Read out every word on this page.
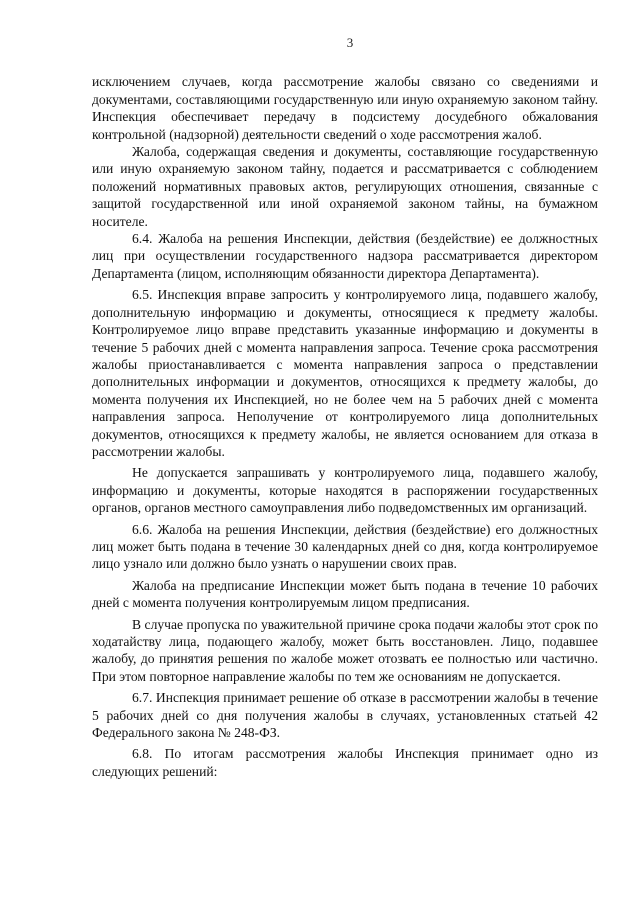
3

исключением случаев, когда рассмотрение жалобы связано со сведениями и документами, составляющими государственную или иную охраняемую законом тайну. Инспекция обеспечивает передачу в подсистему досудебного обжалования контрольной (надзорной) деятельности сведений о ходе рассмотрения жалоб.

Жалоба, содержащая сведения и документы, составляющие государственную или иную охраняемую законом тайну, подается и рассматривается с соблюдением положений нормативных правовых актов, регулирующих отношения, связанные с защитой государственной или иной охраняемой законом тайны, на бумажном носителе.

6.4. Жалоба на решения Инспекции, действия (бездействие) ее должностных лиц при осуществлении государственного надзора рассматривается директором Департамента (лицом, исполняющим обязанности директора Департамента).

6.5. Инспекция вправе запросить у контролируемого лица, подавшего жалобу, дополнительную информацию и документы, относящиеся к предмету жалобы. Контролируемое лицо вправе представить указанные информацию и документы в течение 5 рабочих дней с момента направления запроса. Течение срока рассмотрения жалобы приостанавливается с момента направления запроса о представлении дополнительных информации и документов, относящихся к предмету жалобы, до момента получения их Инспекцией, но не более чем на 5 рабочих дней с момента направления запроса. Неполучение от контролируемого лица дополнительных документов, относящихся к предмету жалобы, не является основанием для отказа в рассмотрении жалобы.

Не допускается запрашивать у контролируемого лица, подавшего жалобу, информацию и документы, которые находятся в распоряжении государственных органов, органов местного самоуправления либо подведомственных им организаций.

6.6. Жалоба на решения Инспекции, действия (бездействие) его должностных лиц может быть подана в течение 30 календарных дней со дня, когда контролируемое лицо узнало или должно было узнать о нарушении своих прав.

Жалоба на предписание Инспекции может быть подана в течение 10 рабочих дней с момента получения контролируемым лицом предписания.

В случае пропуска по уважительной причине срока подачи жалобы этот срок по ходатайству лица, подающего жалобу, может быть восстановлен. Лицо, подавшее жалобу, до принятия решения по жалобе может отозвать ее полностью или частично. При этом повторное направление жалобы по тем же основаниям не допускается.

6.7. Инспекция принимает решение об отказе в рассмотрении жалобы в течение 5 рабочих дней со дня получения жалобы в случаях, установленных статьей 42 Федерального закона № 248-ФЗ.

6.8. По итогам рассмотрения жалобы Инспекция принимает одно из следующих решений:
